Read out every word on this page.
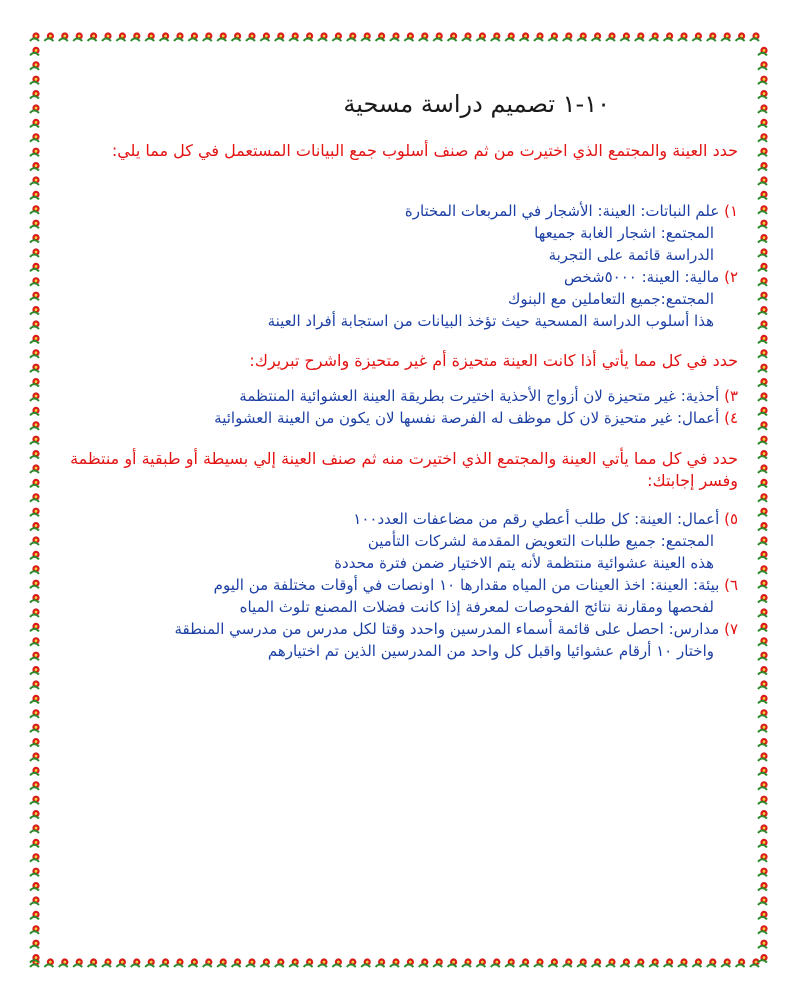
١٠-١ تصميم دراسة مسحية
حدد العينة والمجتمع الذي اختيرت من ثم صنف أسلوب جمع البيانات المستعمل في كل مما يلي:
١) علم النباتات: العينة: الأشجار في المربعات المختارة
المجتمع: اشجار الغابة جميعها
الدراسة قائمة على التجربة
٢) مالية: العينة: ٥٠٠٠شخص
المجتمع:جميع التعاملين مع البنوك
هذا أسلوب الدراسة المسحية حيث تؤخذ البيانات من استجابة أفراد العينة
حدد في كل مما يأتي أذا كانت العينة متحيزة أم غير متحيزة واشرح تبريرك:
٣) أحذية: غير متحيزة لان أزواج الأحذية اختيرت بطريقة العينة العشوائية المنتظمة
٤) أعمال: غير متحيزة لان كل موظف له الفرصة نفسها لان يكون من العينة العشوائية
حدد في كل مما يأتي العينة والمجتمع الذي اختيرت منه ثم صنف العينة إلي بسيطة أو طبقية أو منتظمة وفسر إجابتك:
٥) أعمال: العينة: كل طلب أعطي رقم من مضاعفات العدد١٠٠
المجتمع: جميع طلبات التعويض المقدمة لشركات التأمين
هذه العينة عشوائية منتظمة لأنه يتم الاختيار ضمن فترة محددة
٦) بيئة: العينة: اخذ العينات من المياه مقدارها ١٠ اونصات في أوقات مختلفة من اليوم
لفحصها ومقارنة نتائج الفحوصات لمعرفة إذا كانت فضلات المصنع تلوث المياه
٧) مدارس: احصل على قائمة أسماء المدرسين واحدد وقتا لكل مدرس من مدرسي المنطقة
واختار ١٠ أرقام عشوائيا واقبل كل واحد من المدرسين الذين تم اختيارهم
